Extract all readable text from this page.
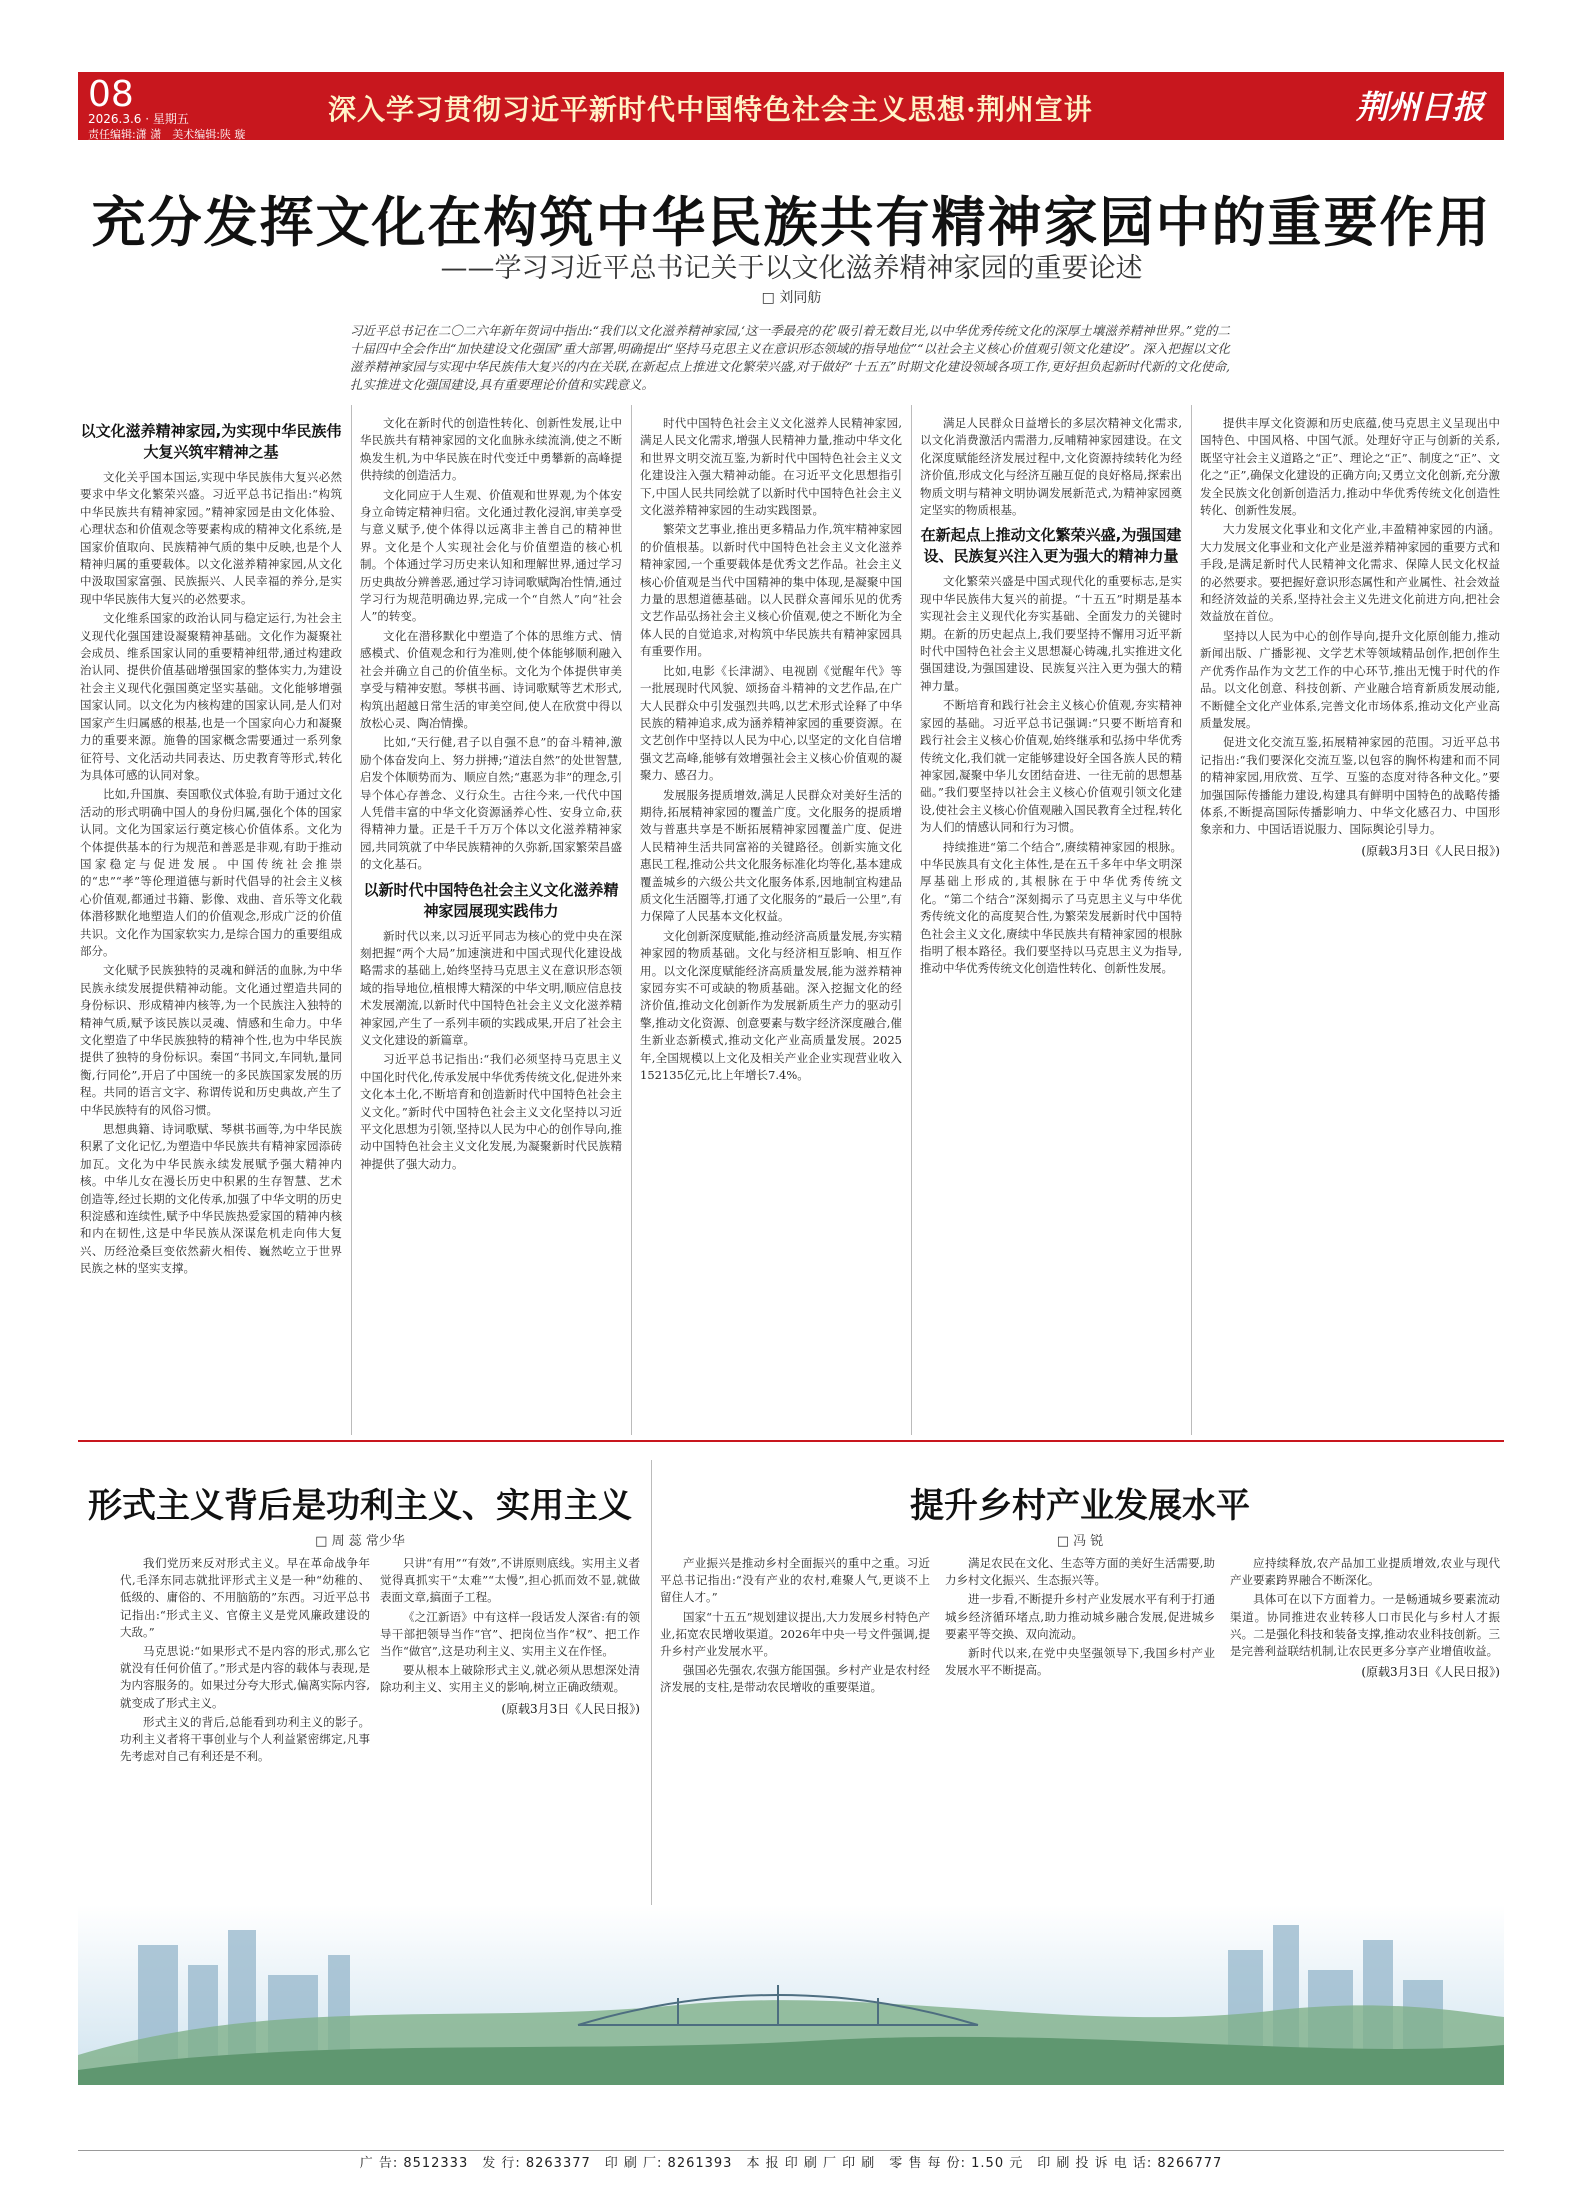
08
2026.3.6 · 星期五
责任编辑:潇 潇　美术编辑:陕 璇
深入学习贯彻习近平新时代中国特色社会主义思想·荆州宣讲	荆州日报
充分发挥文化在构筑中华民族共有精神家园中的重要作用
——学习习近平总书记关于以文化滋养精神家园的重要论述
□ 刘同舫
习近平总书记在二〇二六年新年贺词中指出:“我们以文化滋养精神家园,‘这一季最亮的花’吸引着无数目光,以中华优秀传统文化的深厚土壤滋养精神世界。”党的二十届四中全会作出“加快建设文化强国”重大部署,明确提出“坚持马克思主义在意识形态领域的指导地位”“以社会主义核心价值观引领文化建设”。深入把握以文化滋养精神家园与实现中华民族伟大复兴的内在关联,在新起点上推进文化繁荣兴盛,对于做好“十五五”时期文化建设领域各项工作,更好担负起新时代新的文化使命,扎实推进文化强国建设,具有重要理论价值和实践意义。
以文化滋养精神家园,为实现中华民族伟大复兴筑牢精神之基

文化关乎国本国运,实现中华民族伟大复兴必然要求中华文化繁荣兴盛。习近平总书记指出:“构筑中华民族共有精神家园。”精神家园是由文化体验、心理状态和价值观念等要素构成的精神文化系统,是国家价值取向、民族精神气质的集中反映,也是个人精神归属的重要载体。以文化滋养精神家园,从文化中汲取国家富强、民族振兴、人民幸福的养分,是实现中华民族伟大复兴的必然要求。

文化维系国家的政治认同与稳定运行,为社会主义现代化强国建设凝聚精神基础。文化作为凝聚社会成员、维系国家认同的重要精神纽带,通过构建政治认同、提供价值基础增强国家的整体实力,为建设社会主义现代化强国奠定坚实基础。文化能够增强国家认同。以文化为内核构建的国家认同,是人们对国家产生归属感的根基,也是一个国家向心力和凝聚力的重要来源。施鲁的国家概念需要通过一系列象征符号、文化活动共同表达、历史教育等形式,转化为具体可感的认同对象。

比如,升国旗、奏国歌仪式体验,有助于通过文化活动的形式明确中国人的身份归属,强化个体的国家认同。文化为国家运行奠定核心价值体系。文化为个体提供基本的行为规范和善恶是非观,有助于推动国家稳定与促进发展。中国传统社会推崇的“忠”“孝”等伦理道德与新时代倡导的社会主义核心价值观,都通过书籍、影像、戏曲、音乐等文化载体潜移默化地塑造人们的价值观念,形成广泛的价值共识。文化作为国家软实力,是综合国力的重要组成部分。

文化赋予民族独特的灵魂和鲜活的血脉,为中华民族永续发展提供精神动能。文化通过塑造共同的身份标识、形成精神内核等,为一个民族注入独特的精神气质,赋予该民族以灵魂、情感和生命力。中华文化塑造了中华民族独特的精神个性,也为中华民族提供了独特的身份标识。秦国“书同文,车同轨,量同衡,行同伦”,开启了中国统一的多民族国家发展的历程。共同的语言文字、称谓传说和历史典故,产生了中华民族特有的风俗习惯。

思想典籍、诗词歌赋、琴棋书画等,为中华民族积累了文化记忆,为塑造中华民族共有精神家园添砖加瓦。文化为中华民族永续发展赋予强大精神内核。中华儿女在漫长历史中积累的生存智慧、艺术创造等,经过长期的文化传承,加强了中华文明的历史积淀感和连续性,赋予中华民族热爱家国的精神内核和内在韧性,这是中华民族从深谋危机走向伟大复兴、历经沧桑巨变依然薪火相传、巍然屹立于世界民族之林的坚实支撑。

文化在新时代的创造性转化、创新性发展,让中华民族共有精神家园的文化血脉永续流淌,使之不断焕发生机,为中华民族在时代变迁中勇攀新的高峰提供持续的创造活力。

文化同应于人生观、价值观和世界观,为个体安身立命铸定精神归宿。文化通过教化浸润,审美享受与意义赋予,使个体得以远离非主善自己的精神世界。文化是个人实现社会化与价值塑造的核心机制。个体通过学习历史来认知和理解世界,通过学习历史典故分辨善恶,通过学习诗词歌赋陶冶性情,通过学习行为规范明确边界,完成一个“自然人”向“社会人”的转变。

文化在潜移默化中塑造了个体的思维方式、情感模式、价值观念和行为准则,使个体能够顺利融入社会并确立自己的价值坐标。文化为个体提供审美享受与精神安慰。琴棋书画、诗词歌赋等艺术形式,构筑出超越日常生活的审美空间,使人在欣赏中得以放松心灵、陶冶情操。

比如,“天行健,君子以自强不息”的奋斗精神,激励个体奋发向上、努力拼搏;“道法自然”的处世智慧,启发个体顺势而为、顺应自然;“惠恶为非”的理念,引导个体心存善念、义行众生。古往今来,一代代中国人凭借丰富的中华文化资源涵养心性、安身立命,获得精神力量。正是千千万万个体以文化滋养精神家园,共同筑就了中华民族精神的久弥新,国家繁荣昌盛的文化基石。

以新时代中国特色社会主义文化滋养精神家园展现实践伟力

新时代以来,以习近平同志为核心的党中央在深刻把握“两个大局”加速演进和中国式现代化建设战略需求的基础上,始终坚持马克思主义在意识形态领域的指导地位,植根博大精深的中华文明,顺应信息技术发展潮流,以新时代中国特色社会主义文化滋养精神家园,产生了一系列丰硕的实践成果,开启了社会主义文化建设的新篇章。

习近平总书记指出:“我们必须坚持马克思主义中国化时代化,传承发展中华优秀传统文化,促进外来文化本土化,不断培育和创造新时代中国特色社会主义文化。”新时代中国特色社会主义文化坚持以习近平文化思想为引领,坚持以人民为中心的创作导向,推动中国特色社会主义文化发展,为凝聚新时代民族精神提供了强大动力。

时代中国特色社会主义文化滋养人民精神家园,满足人民文化需求,增强人民精神力量,推动中华文化和世界文明交流互鉴,为新时代中国特色社会主义文化建设注入强大精神动能。在习近平文化思想指引下,中国人民共同绘就了以新时代中国特色社会主义文化滋养精神家园的生动实践图景。

繁荣文艺事业,推出更多精品力作,筑牢精神家园的价值根基。以新时代中国特色社会主义文化滋养精神家园,一个重要载体是优秀文艺作品。社会主义核心价值观是当代中国精神的集中体现,是凝聚中国力量的思想道德基础。以人民群众喜闻乐见的优秀文艺作品弘扬社会主义核心价值观,使之不断化为全体人民的自觉追求,对构筑中华民族共有精神家园具有重要作用。

比如,电影《长津湖》、电视剧《觉醒年代》等一批展现时代风貌、颂扬奋斗精神的文艺作品,在广大人民群众中引发强烈共鸣,以艺术形式诠释了中华民族的精神追求,成为涵养精神家园的重要资源。在文艺创作中坚持以人民为中心,以坚定的文化自信增强文艺高峰,能够有效增强社会主义核心价值观的凝聚力、感召力。

发展服务提质增效,满足人民群众对美好生活的期待,拓展精神家园的覆盖广度。文化服务的提质增效与普惠共享是不断拓展精神家园覆盖广度、促进人民精神生活共同富裕的关键路径。创新实施文化惠民工程,推动公共文化服务标准化均等化,基本建成覆盖城乡的六级公共文化服务体系,因地制宜构建品质文化生活圈等,打通了文化服务的“最后一公里”,有力保障了人民基本文化权益。

文化创新深度赋能,推动经济高质量发展,夯实精神家园的物质基础。文化与经济相互影响、相互作用。以文化深度赋能经济高质量发展,能为滋养精神家园夯实不可或缺的物质基础。深入挖掘文化的经济价值,推动文化创新作为发展新质生产力的驱动引擎,推动文化资源、创意要素与数字经济深度融合,催生新业态新模式,推动文化产业高质量发展。2025年,全国规模以上文化及相关产业企业实现营业收入152135亿元,比上年增长7.4%。

满足人民群众日益增长的多层次精神文化需求,以文化消费激活内需潜力,反哺精神家园建设。在文化深度赋能经济发展过程中,文化资源持续转化为经济价值,形成文化与经济互融互促的良好格局,探索出物质文明与精神文明协调发展新范式,为精神家园奠定坚实的物质根基。

在新起点上推动文化繁荣兴盛,为强国建设、民族复兴注入更为强大的精神力量

文化繁荣兴盛是中国式现代化的重要标志,是实现中华民族伟大复兴的前提。“十五五”时期是基本实现社会主义现代化夯实基础、全面发力的关键时期。在新的历史起点上,我们要坚持不懈用习近平新时代中国特色社会主义思想凝心铸魂,扎实推进文化强国建设,为强国建设、民族复兴注入更为强大的精神力量。

不断培育和践行社会主义核心价值观,夯实精神家园的基础。习近平总书记强调:“只要不断培育和践行社会主义核心价值观,始终继承和弘扬中华优秀传统文化,我们就一定能够建设好全国各族人民的精神家园,凝聚中华儿女团结奋进、一往无前的思想基础。”我们要坚持以社会主义核心价值观引领文化建设,使社会主义核心价值观融入国民教育全过程,转化为人们的情感认同和行为习惯。

持续推进“第二个结合”,赓续精神家园的根脉。中华民族具有文化主体性,是在五千多年中华文明深厚基础上形成的,其根脉在于中华优秀传统文化。“第二个结合”深刻揭示了马克思主义与中华优秀传统文化的高度契合性,为繁荣发展新时代中国特色社会主义文化,赓续中华民族共有精神家园的根脉指明了根本路径。我们要坚持以马克思主义为指导,推动中华优秀传统文化创造性转化、创新性发展。

提供丰厚文化资源和历史底蕴,使马克思主义呈现出中国特色、中国风格、中国气派。处理好守正与创新的关系,既坚守社会主义道路之“正”、理论之“正”、制度之“正”、文化之“正”,确保文化建设的正确方向;又勇立文化创新,充分激发全民族文化创新创造活力,推动中华优秀传统文化创造性转化、创新性发展。

大力发展文化事业和文化产业,丰盈精神家园的内涵。大力发展文化事业和文化产业是滋养精神家园的重要方式和手段,是满足新时代人民精神文化需求、保障人民文化权益的必然要求。要把握好意识形态属性和产业属性、社会效益和经济效益的关系,坚持社会主义先进文化前进方向,把社会效益放在首位。

坚持以人民为中心的创作导向,提升文化原创能力,推动新闻出版、广播影视、文学艺术等领域精品创作,把创作生产优秀作品作为文艺工作的中心环节,推出无愧于时代的作品。以文化创意、科技创新、产业融合培育新质发展动能,不断健全文化产业体系,完善文化市场体系,推动文化产业高质量发展。

促进文化交流互鉴,拓展精神家园的范围。习近平总书记指出:“我们要深化交流互鉴,以包容的胸怀构建和而不同的精神家园,用欣赏、互学、互鉴的态度对待各种文化。”要加强国际传播能力建设,构建具有鲜明中国特色的战略传播体系,不断提高国际传播影响力、中华文化感召力、中国形象亲和力、中国话语说服力、国际舆论引导力。

(原载3月3日《人民日报》)
形式主义背后是功利主义、实用主义
□ 周 蕊 常少华

我们党历来反对形式主义。早在革命战争年代,毛泽东同志就批评形式主义是一种“幼稚的、低级的、庸俗的、不用脑筋的”东西。习近平总书记指出:“形式主义、官僚主义是党风廉政建设的大敌。”

马克思说:“如果形式不是内容的形式,那么它就没有任何价值了。”形式是内容的载体与表现,是为内容服务的。如果过分夸大形式,偏离实际内容,就变成了形式主义。

形式主义的背后,总能看到功利主义的影子。功利主义者将干事创业与个人利益紧密绑定,凡事先考虑对自己有利还是不利。

只讲“有用”“有效”,不讲原则底线。实用主义者觉得真抓实干“太难”“太慢”,担心抓而效不显,就做表面文章,搞面子工程。

《之江新语》中有这样一段话发人深省:有的领导干部把领导当作“官”、把岗位当作“权”、把工作当作“做官”,这是功利主义、实用主义在作怪。

要从根本上破除形式主义,就必须从思想深处清除功利主义、实用主义的影响,树立正确政绩观。

(原载3月3日《人民日报》)
提升乡村产业发展水平
□ 冯 锐

产业振兴是推动乡村全面振兴的重中之重。习近平总书记指出:“没有产业的农村,难聚人气,更谈不上留住人才。”

国家“十五五”规划建议提出,大力发展乡村特色产业,拓宽农民增收渠道。2026年中央一号文件强调,提升乡村产业发展水平。

强国必先强农,农强方能国强。乡村产业是农村经济发展的支柱,是带动农民增收的重要渠道。

满足农民在文化、生态等方面的美好生活需要,助力乡村文化振兴、生态振兴等。

进一步看,不断提升乡村产业发展水平有利于打通城乡经济循环堵点,助力推动城乡融合发展,促进城乡要素平等交换、双向流动。

新时代以来,在党中央坚强领导下,我国乡村产业发展水平不断提高。

应持续释放,农产品加工业提质增效,农业与现代产业要素跨界融合不断深化。

具体可在以下方面着力。一是畅通城乡要素流动渠道。协同推进农业转移人口市民化与乡村人才振兴。二是强化科技和装备支撑,推动农业科技创新。三是完善利益联结机制,让农民更多分享产业增值收益。

(原载3月3日《人民日报》)
广 告: 8512333　发 行: 8263377　印 刷 厂: 8261393　本 报 印 刷 厂 印 刷　零 售 每 份: 1.50 元　印 刷 投 诉 电 话: 8266777
